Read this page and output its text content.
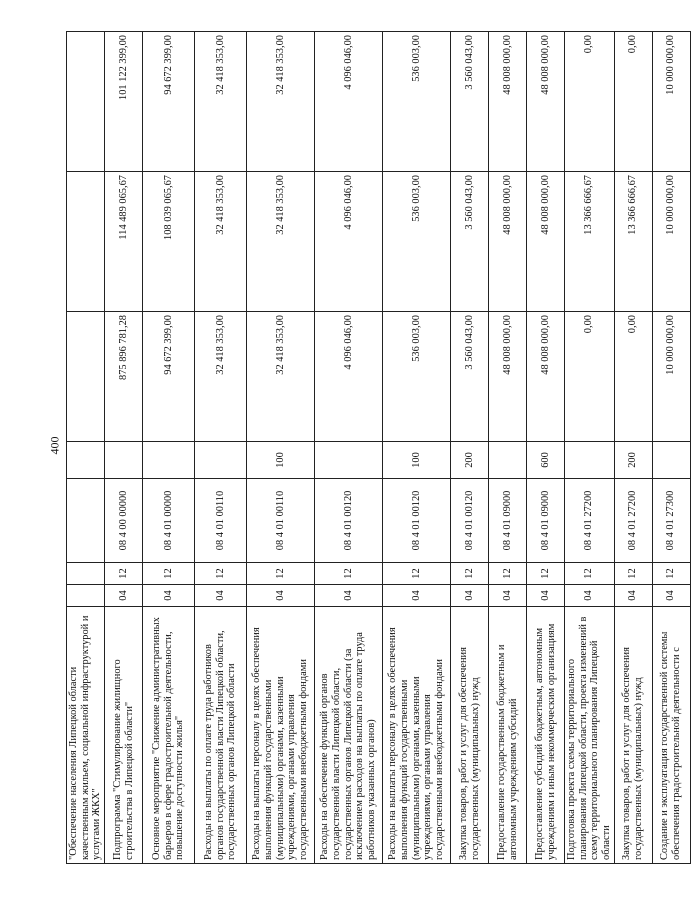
400
"Обеспечение населения Липецкой области качественным жильем, социальной инфраструктурой и услугами ЖКХ"							
Подпрограмма "Стимулирование жилищного строительства в Липецкой области"	04	12	08 4 00 00000		875 896 781,28	114 489 065,67	101 122 399,00
Основное мероприятие "Снижение административных барьеров в сфере градостроительной деятельности, повышение доступности жилья"	04	12	08 4 01 00000		94 672 399,00	108 039 065,67	94 672 399,00
Расходы на выплаты по оплате труда работников органов государственной власти Липецкой области, государственных органов Липецкой области	04	12	08 4 01 00110		32 418 353,00	32 418 353,00	32 418 353,00
Расходы на выплаты персоналу в целях обеспечения выполнения функций государственными (муниципальными) органами, казенными учреждениями, органами управления государственными внебюджетными фондами	04	12	08 4 01 00110	100	32 418 353,00	32 418 353,00	32 418 353,00
Расходы на обеспечение функций органов государственной власти Липецкой области, государственных органов Липецкой области (за исключением расходов на выплаты по оплате труда работников указанных органов)	04	12	08 4 01 00120		4 096 046,00	4 096 046,00	4 096 046,00
Расходы на выплаты персоналу в целях обеспечения выполнения функций государственными (муниципальными) органами, казенными учреждениями, органами управления государственными внебюджетными фондами	04	12	08 4 01 00120	100	536 003,00	536 003,00	536 003,00
Закупка товаров, работ и услуг для обеспечения государственных (муниципальных) нужд	04	12	08 4 01 00120	200	3 560 043,00	3 560 043,00	3 560 043,00
Предоставление государственным бюджетным и автономным учреждениям субсидий	04	12	08 4 01 09000		48 008 000,00	48 008 000,00	48 008 000,00
Предоставление субсидий бюджетным, автономным учреждениям и иным некоммерческим организациям	04	12	08 4 01 09000	600	48 008 000,00	48 008 000,00	48 008 000,00
Подготовка проекта схемы территориального планирования Липецкой области, проекта изменений в схему территориального планирования Липецкой области	04	12	08 4 01 27200		0,00	13 366 666,67	0,00
Закупка товаров, работ и услуг для обеспечения государственных (муниципальных) нужд	04	12	08 4 01 27200	200	0,00	13 366 666,67	0,00
Создание и эксплуатация государственной системы обеспечения градостроительной деятельности с	04	12	08 4 01 27300		10 000 000,00	10 000 000,00	10 000 000,00
